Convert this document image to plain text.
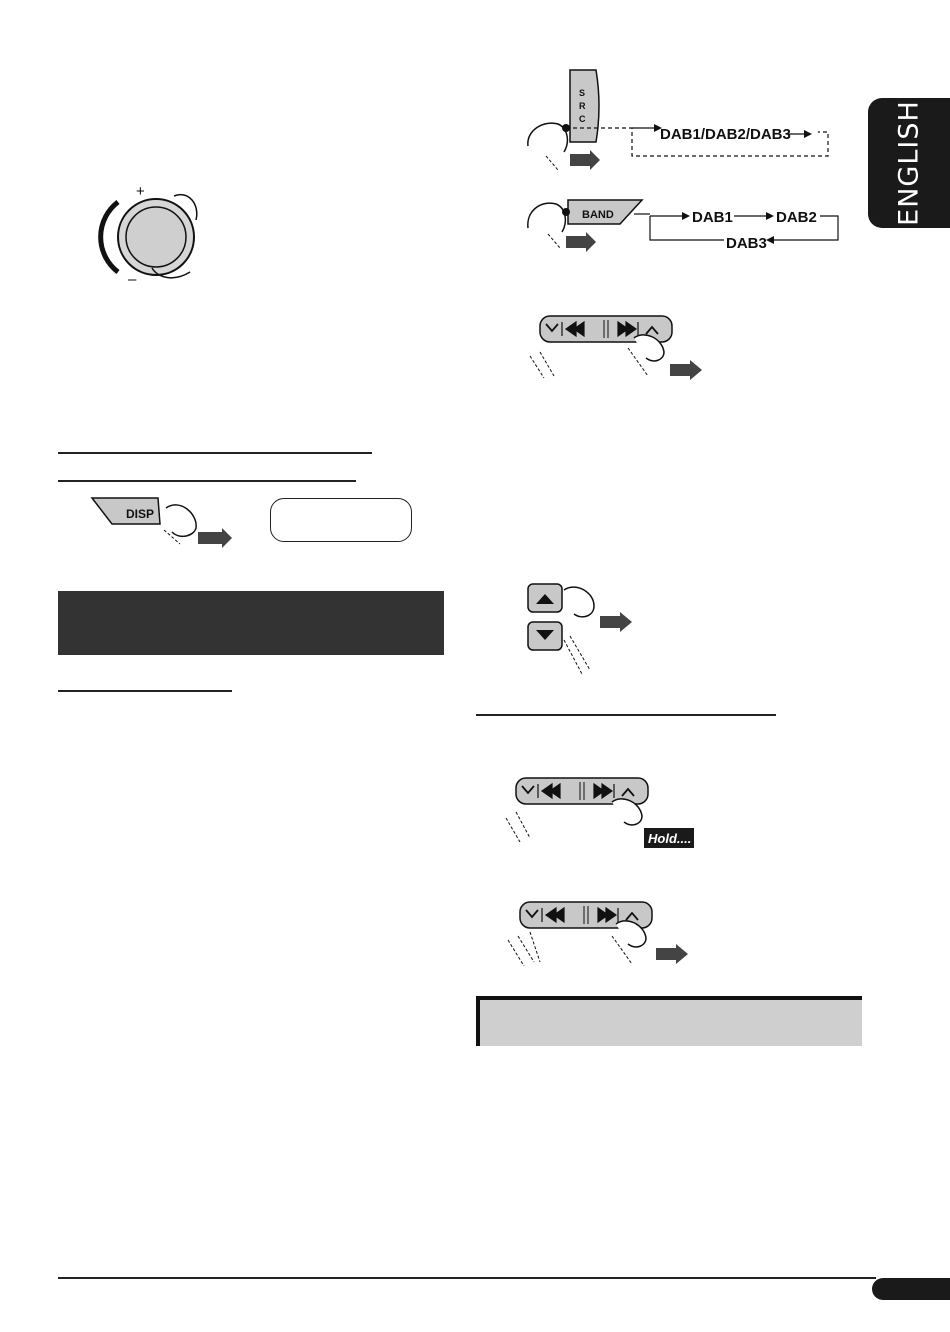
ENGLISH
+
–
DISP
S
R
C
DAB1/DAB2/DAB3
BAND	DAB1	DAB2
DAB3
Hold....
